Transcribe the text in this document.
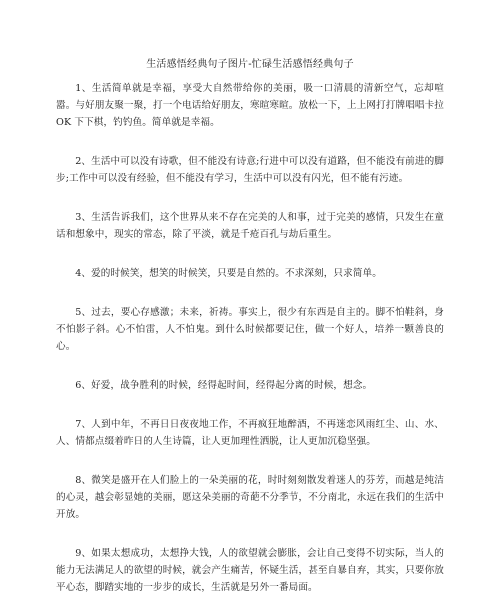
生活感悟经典句子图片-忙碌生活感悟经典句子

1、生活简单就是幸福，享受大自然带给你的美丽，吸一口清晨的清新空气，忘却喧嚣。与好朋友聚一聚，打一个电话给好朋友，寒暄寒暄。放松一下，上上网打打牌唱唱卡拉 OK 下下棋，钓钓鱼。简单就是幸福。

2、生活中可以没有诗歌，但不能没有诗意;行进中可以没有道路，但不能没有前进的脚步;工作中可以没有经验，但不能没有学习，生活中可以没有闪光，但不能有污迹。

3、生活告诉我们，这个世界从来不存在完美的人和事，过于完美的感情，只发生在童话和想象中，现实的常态，除了平淡，就是千疮百孔与劫后重生。

4、爱的时候笑，想笑的时候笑，只要是自然的。不求深刻，只求简单。

5、过去，要心存感激；未来，祈祷。事实上，很少有东西是自主的。脚不怕鞋斜，身不怕影子斜。心不怕雷，人不怕鬼。到什么时候都要记住，做一个好人，培养一颗善良的心。

6、好爱，战争胜利的时候，经得起时间，经得起分离的时候，想念。

7、人到中年，不再日日夜夜地工作，不再疯狂地醉酒，不再迷恋风雨红尘、山、水、人、情都点缀着昨日的人生诗篇，让人更加理性洒脱，让人更加沉稳坚强。

8、微笑是盛开在人们脸上的一朵美丽的花，时时刻刻散发着迷人的芬芳，而越是纯洁的心灵，越会彰显她的美丽，愿这朵美丽的奇葩不分季节，不分南北，永远在我们的生活中开放。

9、如果太想成功，太想挣大钱，人的欲望就会膨胀，会让自己变得不切实际，当人的能力无法满足人的欲望的时候，就会产生痛苦，怀疑生活，甚至自暴自弃，其实，只要你放平心态，脚踏实地的一步步的成长，生活就是另外一番局面。
